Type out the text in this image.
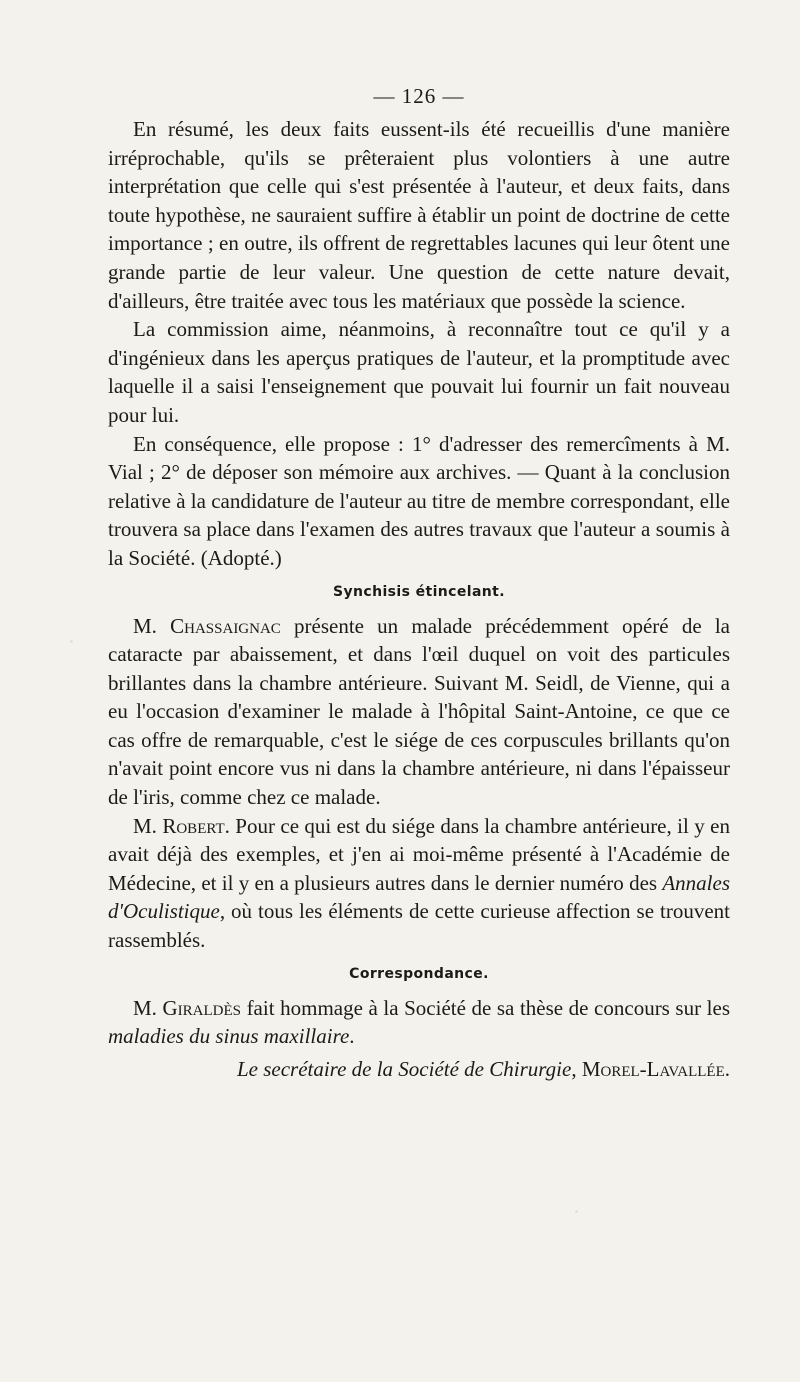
— 126 —

En résumé, les deux faits eussent-ils été recueillis d'une manière irréprochable, qu'ils se prêteraient plus volontiers à une autre interprétation que celle qui s'est présentée à l'auteur, et deux faits, dans toute hypothèse, ne sauraient suffire à établir un point de doctrine de cette importance ; en outre, ils offrent de regrettables lacunes qui leur ôtent une grande partie de leur valeur. Une question de cette nature devait, d'ailleurs, être traitée avec tous les matériaux que possède la science.

La commission aime, néanmoins, à reconnaître tout ce qu'il y a d'ingénieux dans les aperçus pratiques de l'auteur, et la promptitude avec laquelle il a saisi l'enseignement que pouvait lui fournir un fait nouveau pour lui.

En conséquence, elle propose : 1° d'adresser des remercîments à M. Vial ; 2° de déposer son mémoire aux archives. — Quant à la conclusion relative à la candidature de l'auteur au titre de membre correspondant, elle trouvera sa place dans l'examen des autres travaux que l'auteur a soumis à la Société. (Adopté.)

Synchisis étincelant.

M. Chassaignac présente un malade précédemment opéré de la cataracte par abaissement, et dans l'œil duquel on voit des particules brillantes dans la chambre antérieure. Suivant M. Seidl, de Vienne, qui a eu l'occasion d'examiner le malade à l'hôpital Saint-Antoine, ce que ce cas offre de remarquable, c'est le siége de ces corpuscules brillants qu'on n'avait point encore vus ni dans la chambre antérieure, ni dans l'épaisseur de l'iris, comme chez ce malade.

M. Robert. Pour ce qui est du siége dans la chambre antérieure, il y en avait déjà des exemples, et j'en ai moi-même présenté à l'Académie de Médecine, et il y en a plusieurs autres dans le dernier numéro des Annales d'Oculistique, où tous les éléments de cette curieuse affection se trouvent rassemblés.

Correspondance.

M. Giraldès fait hommage à la Société de sa thèse de concours sur les maladies du sinus maxillaire.

Le secrétaire de la Société de Chirurgie, Morel-Lavallée.
